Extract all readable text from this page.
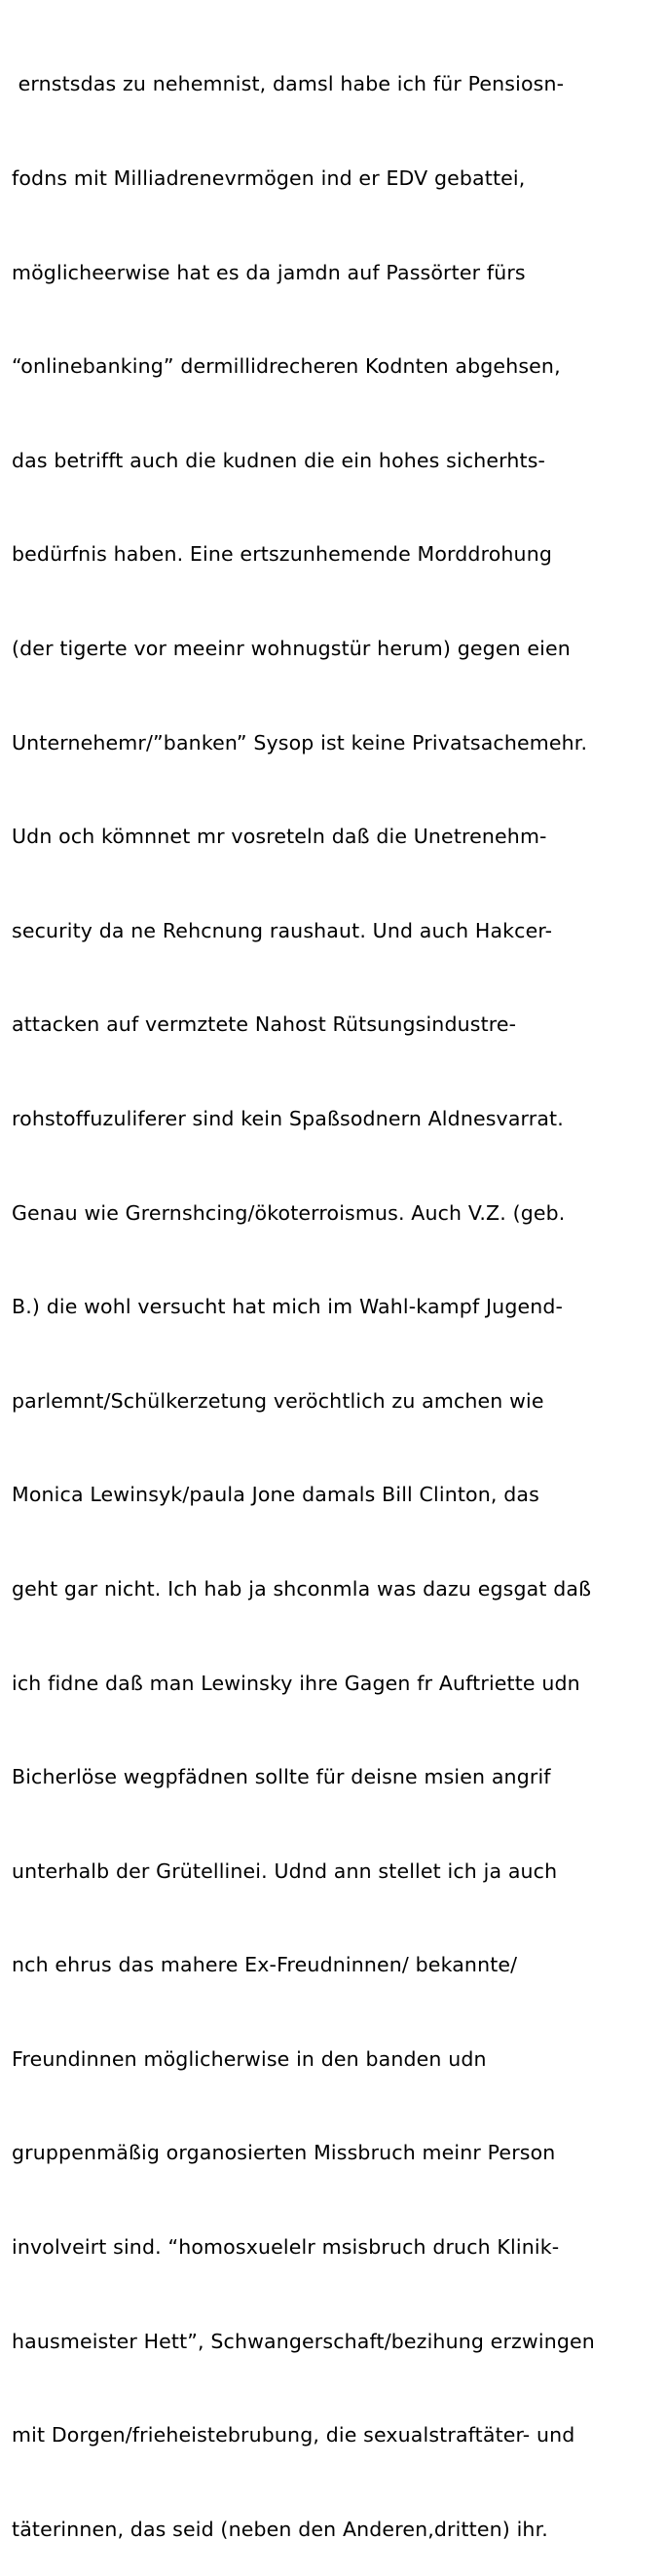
ernstsdas zu nehemnist, damsl habe ich für Pensiosn-

fodns mit Milliadrenevrmögen ind er EDV gebattei,

möglicheerwise hat es da jamdn auf Passörter fürs

“onlinebanking” dermillidrecheren Kodnten abgehsen,

das betrifft auch die kudnen die ein hohes sicherhts-

bedürfnis haben. Eine ertszunhemende Morddrohung

(der tigerte vor meeinr wohnugstür herum) gegen eien

Unternehemr/”banken” Sysop ist keine Privatsachemehr.

Udn och kömnnet mr vosreteln daß die Unetrenehm-

security da ne Rehcnung raushaut. Und auch Hakcer-

attacken auf vermztete Nahost Rütsungsindustre-

rohstoffuzuliferer sind kein Spaßsodnern Aldnesvarrat.

Genau wie Grernshcing/ökoterroismus. Auch V.Z. (geb.

B.) die wohl versucht hat mich im Wahl-kampf Jugend-

parlemnt/Schülkerzetung veröchtlich zu amchen wie

Monica Lewinsyk/paula Jone damals Bill Clinton, das

geht gar nicht. Ich hab ja shconmla was dazu egsgat daß

ich fidne daß man Lewinsky ihre Gagen fr Auftriette udn

Bicherlöse wegpfädnen sollte für deisne msien angrif

unterhalb der Grütellinei. Udnd ann stellet ich ja auch

nch ehrus das mahere Ex-Freudninnen/ bekannte/

Freundinnen möglicherwise in den banden udn

gruppenmäßig organosierten Missbruch meinr Person

involveirt sind. “homosxuelelr msisbruch druch Klinik-

hausmeister Hett”, Schwangerschaft/bezihung erzwingen

mit Dorgen/frieheistebrubung, die sexualstraftäter- und

täterinnen, das seid (neben den Anderen,dritten) ihr.
